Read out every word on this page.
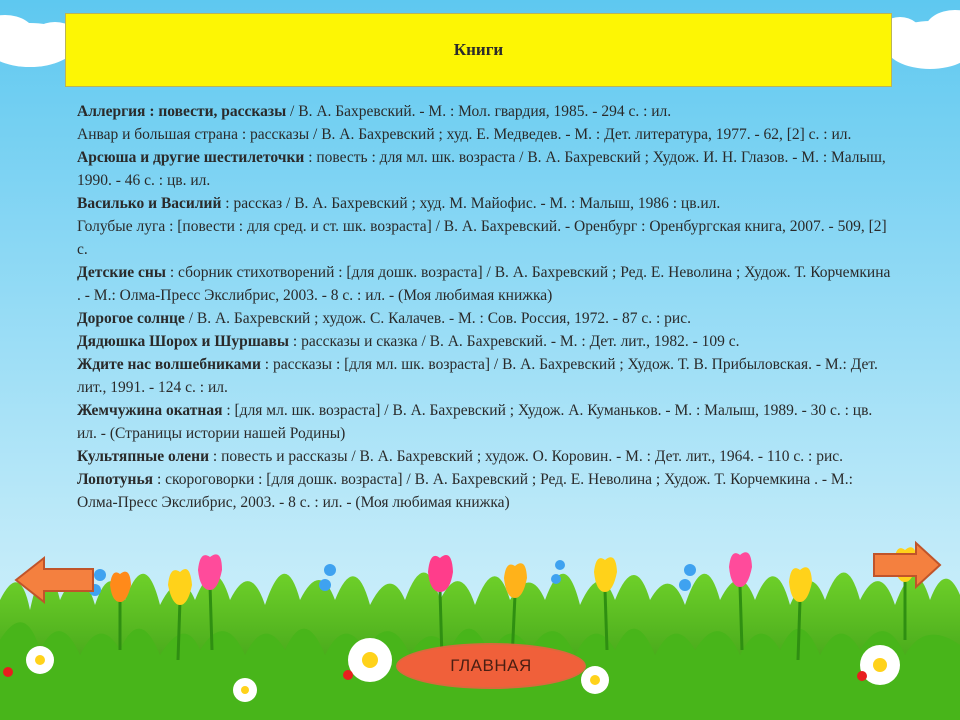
Книги
Аллергия : повести, рассказы / В. А. Бахревский. - М. : Мол. гвардия, 1985. - 294 с. : ил.
Анвар и большая страна : рассказы / В. А. Бахревский ; худ. Е. Медведев. - М. : Дет. литература, 1977. - 62, [2] с. : ил.
Арсюша и другие шестилеточки : повесть : для мл. шк. возраста / В. А. Бахревский ; Худож. И. Н. Глазов. - М. : Малыш, 1990. - 46 с. : цв. ил.
Василько и Василий : рассказ / В. А. Бахревский ; худ. М. Майофис. - М. : Малыш, 1986 : цв.ил.
Голубые луга : [повести : для сред. и ст. шк. возраста] / В. А. Бахревский. - Оренбург : Оренбургская книга, 2007. - 509, [2] с.
Детские сны : сборник стихотворений : [для дошк. возраста] / В. А. Бахревский ; Ред. Е. Неволина ; Худож. Т. Корчемкина . - М.: Олма-Пресс Экслибрис, 2003. - 8 с. : ил. - (Моя любимая книжка)
Дорогое солнце / В. А. Бахревский ; худож. С. Калачев. - М. : Сов. Россия, 1972. - 87 с. : рис.
Дядюшка Шорох и Шуршавы : рассказы и сказка / В. А. Бахревский. - М. : Дет. лит., 1982. - 109 с.
Ждите нас волшебниками : рассказы : [для мл. шк. возраста] / В. А. Бахревский ; Худож. Т. В. Прибыловская. - М.: Дет. лит., 1991. - 124 с. : ил.
Жемчужина окатная : [для мл. шк. возраста] / В. А. Бахревский ; Худож. А. Куманьков. - М. : Малыш, 1989. - 30 с. : цв. ил. - (Страницы истории нашей Родины)
Культяпные олени : повесть и рассказы / В. А. Бахревский ; худож. О. Коровин. - М. : Дет. лит., 1964. - 110 с. : рис.
Лопотунья : скороговорки : [для дошк. возраста] / В. А. Бахревский ; Ред. Е. Неволина ; Худож. Т. Корчемкина . - М.: Олма-Пресс Экслибрис, 2003. - 8 с. : ил. - (Моя любимая книжка)
ГЛАВНАЯ
